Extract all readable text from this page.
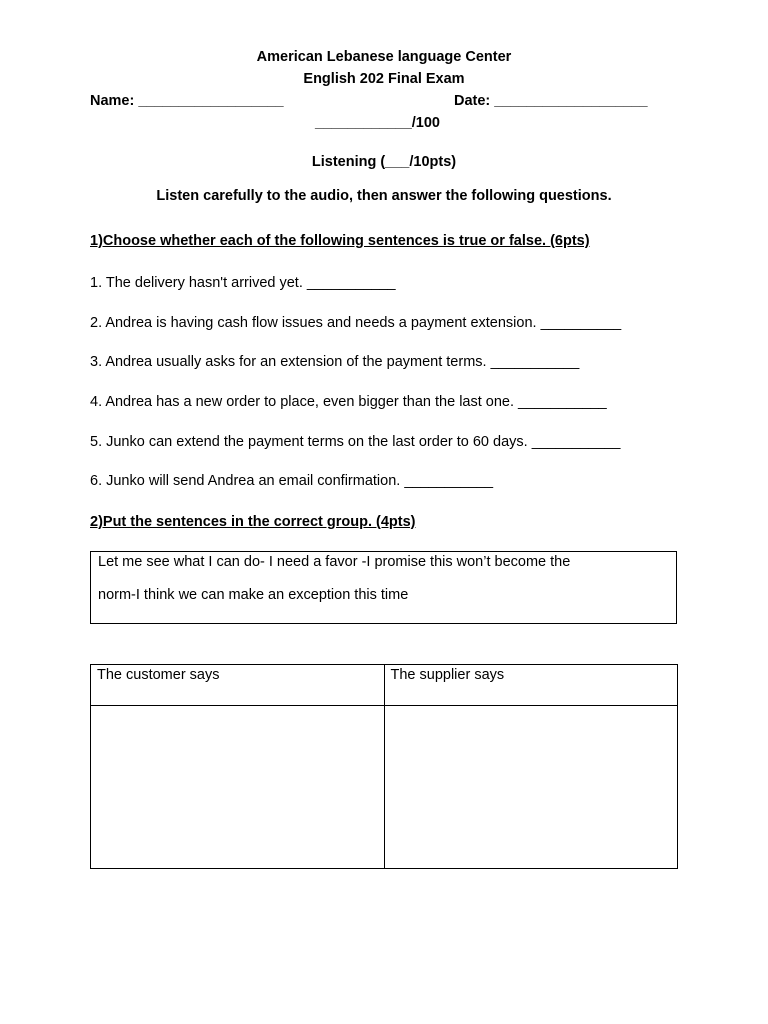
American Lebanese language Center
English 202 Final Exam
Name: __________________	Date: ___________________
____________/100
Listening (___/10pts)
Listen carefully to the audio, then answer the following questions.
1)Choose whether each of the following sentences is true or false. (6pts)
1. The delivery hasn't arrived yet. ___________
2. Andrea is having cash flow issues and needs a payment extension. __________
3. Andrea usually asks for an extension of the payment terms. ___________
4. Andrea has a new order to place, even bigger than the last one. ___________
5. Junko can extend the payment terms on the last order to 60 days. ___________
6. Junko will send Andrea an email confirmation. ___________
2)Put the sentences in the correct group. (4pts)
Let me see what I can do- I need a favor -I promise this won’t become the
norm-I think we can make an exception this time
The customer says	The supplier says
